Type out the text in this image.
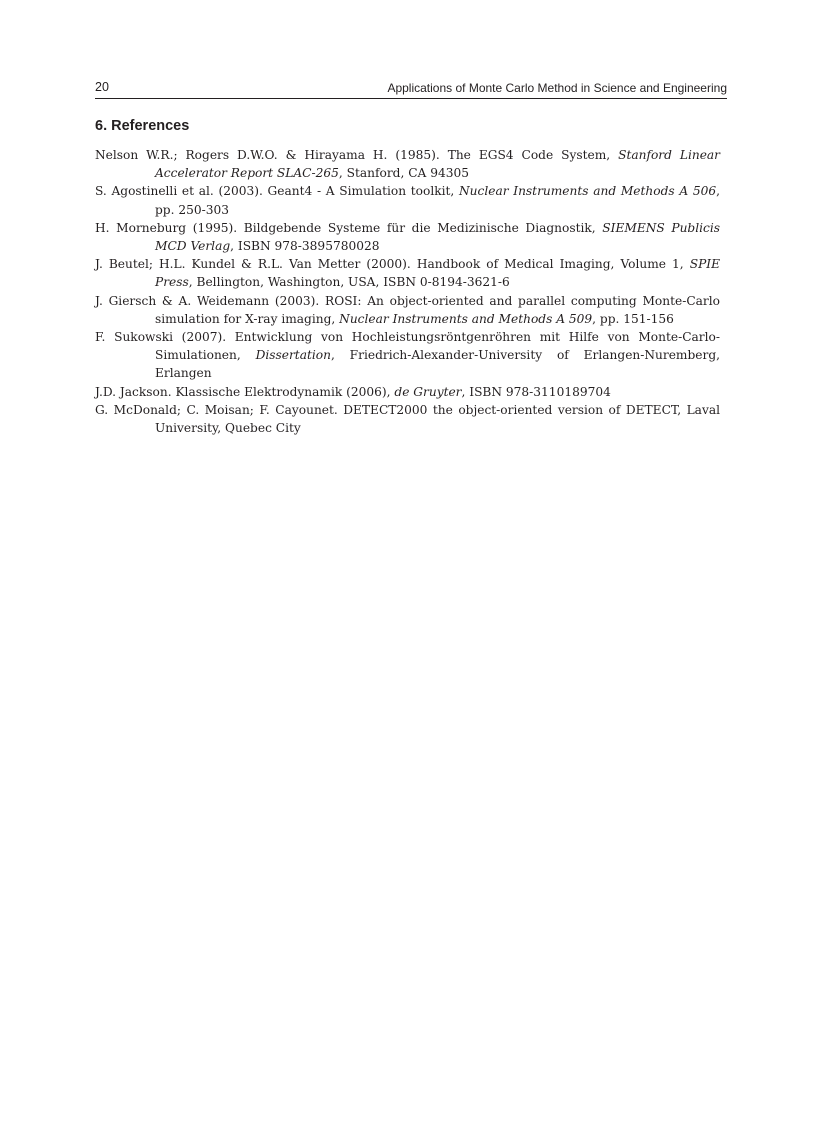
20	Applications of Monte Carlo Method in Science and Engineering
6. References
Nelson W.R.; Rogers D.W.O. & Hirayama H. (1985). The EGS4 Code System, Stanford Linear Accelerator Report SLAC-265, Stanford, CA 94305
S. Agostinelli et al. (2003). Geant4 - A Simulation toolkit, Nuclear Instruments and Methods A 506, pp. 250-303
H. Morneburg (1995). Bildgebende Systeme für die Medizinische Diagnostik, SIEMENS Publicis MCD Verlag, ISBN 978-3895780028
J. Beutel; H.L. Kundel & R.L. Van Metter (2000). Handbook of Medical Imaging, Volume 1, SPIE Press, Bellington, Washington, USA, ISBN 0-8194-3621-6
J. Giersch & A. Weidemann (2003). ROSI: An object-oriented and parallel computing Monte-Carlo simulation for X-ray imaging, Nuclear Instruments and Methods A 509, pp. 151-156
F. Sukowski (2007). Entwicklung von Hochleistungsröntgenröhren mit Hilfe von Monte-Carlo-Simulationen, Dissertation, Friedrich-Alexander-University of Erlangen-Nuremberg, Erlangen
J.D. Jackson. Klassische Elektrodynamik (2006), de Gruyter, ISBN 978-3110189704
G. McDonald; C. Moisan; F. Cayounet. DETECT2000 the object-oriented version of DETECT, Laval University, Quebec City
